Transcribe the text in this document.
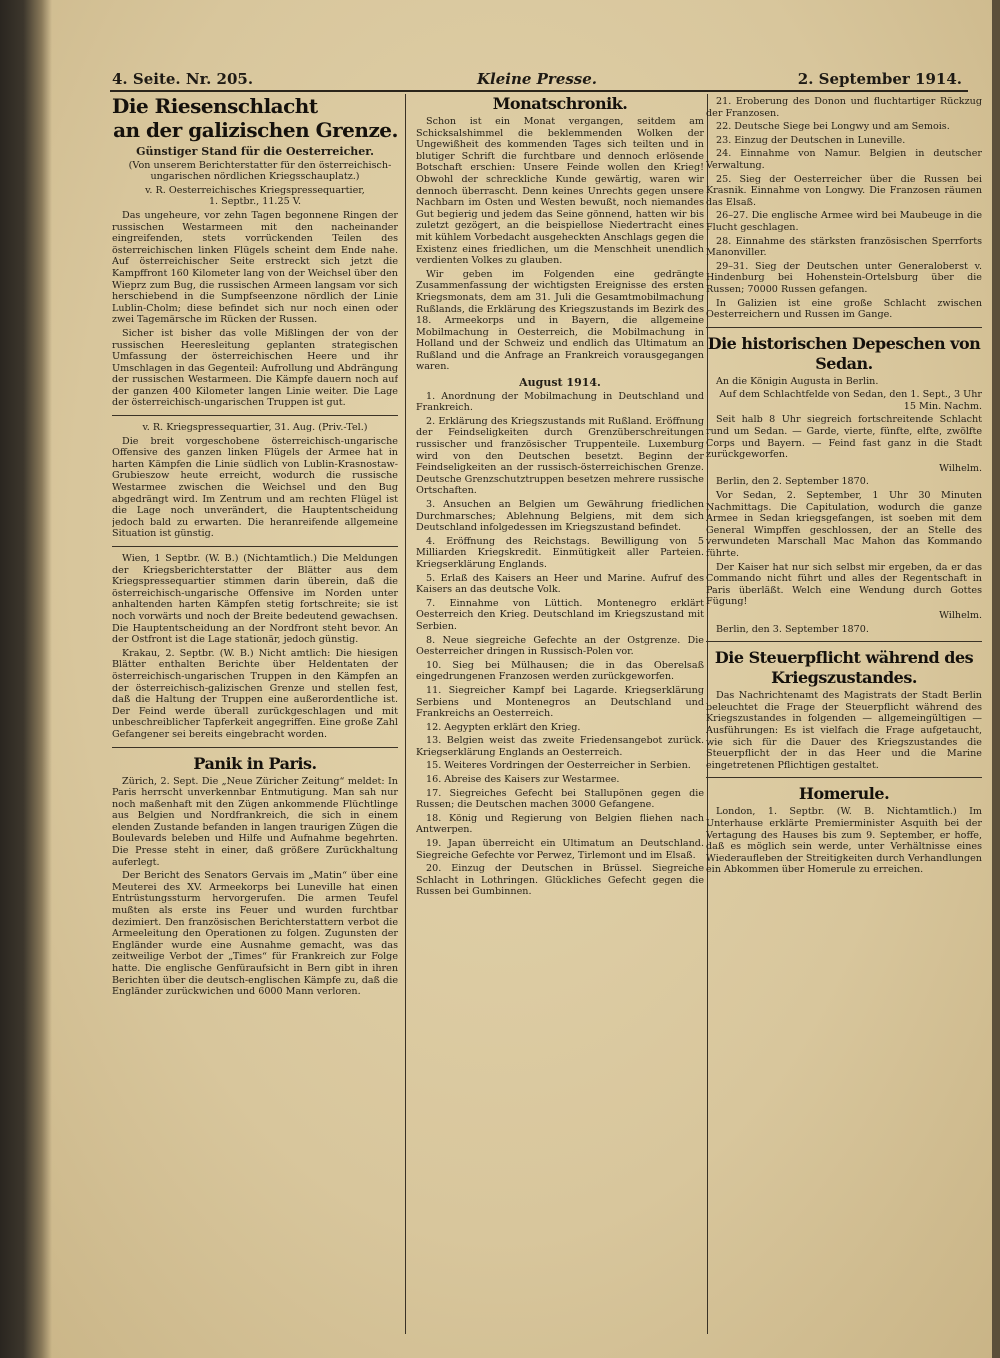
4. Seite. Nr. 205.	Kleine Presse.	2. September 1914.
Die Riesenschlacht
an der galizischen Grenze.
Günstiger Stand für die Oesterreicher.

(Von unserem Berichterstatter für den österreichisch-ungarischen nördlichen Kriegsschauplatz.)

v. R. Oesterreichisches Kriegspressequartier,
1. Septbr., 11.25 V.

Das ungeheure, vor zehn Tagen begonnene Ringen der russischen Westarmeen mit den nacheinander eingreifenden, stets vorrückenden Teilen des österreichischen linken Flügels scheint dem Ende nahe. Auf österreichischer Seite erstreckt sich jetzt die Kampffront 160 Kilometer lang von der Weichsel über den Wieprz zum Bug, die russischen Armeen langsam vor sich herschiebend in die Sumpfseenzone nördlich der Linie Lublin-Cholm; diese befindet sich nur noch einen oder zwei Tagemärsche im Rücken der Russen.

Sicher ist bisher das volle Mißlingen der von der russischen Heeresleitung geplanten strategischen Umfassung der österreichischen Heere und ihr Umschlagen in das Gegenteil: Aufrollung und Abdrängung der russischen Westarmeen. Die Kämpfe dauern noch auf der ganzen 400 Kilometer langen Linie weiter. Die Lage der österreichisch-ungarischen Truppen ist gut.

v. R. Kriegspressequartier, 31. Aug. (Priv.-Tel.)

Die breit vorgeschobene österreichisch-ungarische Offensive des ganzen linken Flügels der Armee hat in harten Kämpfen die Linie südlich von Lublin-Krasnostaw-Grubieszow heute erreicht, wodurch die russische Westarmee zwischen die Weichsel und den Bug abgedrängt wird. Im Zentrum und am rechten Flügel ist die Lage noch unverändert, die Hauptentscheidung jedoch bald zu erwarten. Die heranreifende allgemeine Situation ist günstig.

Wien, 1 Septbr. (W. B.) (Nichtamtlich.) Die Meldungen der Kriegsberichterstatter der Blätter aus dem Kriegspressequartier stimmen darin überein, daß die österreichisch-ungarische Offensive im Norden unter anhaltenden harten Kämpfen stetig fortschreite; sie ist noch vorwärts und noch der Breite bedeutend gewachsen. Die Hauptentscheidung an der Nordfront steht bevor. An der Ostfront ist die Lage stationär, jedoch günstig.

Krakau, 2. Septbr. (W. B.) Nicht amtlich: Die hiesigen Blätter enthalten Berichte über Heldentaten der österreichisch-ungarischen Truppen in den Kämpfen an der österreichisch-galizischen Grenze und stellen fest, daß die Haltung der Truppen eine außerordentliche ist. Der Feind werde überall zurückgeschlagen und mit unbeschreiblicher Tapferkeit angegriffen. Eine große Zahl Gefangener sei bereits eingebracht worden.

Panik in Paris.

Zürich, 2. Sept. Die „Neue Züricher Zeitung“ meldet: In Paris herrscht unverkennbar Entmutigung. Man sah nur noch maßenhaft mit den Zügen ankommende Flüchtlinge aus Belgien und Nordfrankreich, die sich in einem elenden Zustande befanden in langen traurigen Zügen die Boulevards beleben und Hilfe und Aufnahme begehrten. Die Presse steht in einer, daß größere Zurückhaltung auferlegt.

Der Bericht des Senators Gervais im „Matin“ über eine Meuterei des XV. Armeekorps bei Luneville hat einen Entrüstungssturm hervorgerufen. Die armen Teufel mußten als erste ins Feuer und wurden furchtbar dezimiert. Den französischen Berichterstattern verbot die Armeeleitung den Operationen zu folgen. Zugunsten der Engländer wurde eine Ausnahme gemacht, was das zeitweilige Verbot der „Times“ für Frankreich zur Folge hatte. Die englische Genfüraufsicht in Bern gibt in ihren Berichten über die deutsch-englischen Kämpfe zu, daß die Engländer zurückwichen und 6000 Mann verloren.

Monatschronik.

Schon ist ein Monat vergangen, seitdem am Schicksalshimmel die beklemmenden Wolken der Ungewißheit des kommenden Tages sich teilten und in blutiger Schrift die furchtbare und dennoch erlösende Botschaft erschien: Unsere Feinde wollen den Krieg! Obwohl der schreckliche Kunde gewärtig, waren wir dennoch überrascht. Denn keines Unrechts gegen unsere Nachbarn im Osten und Westen bewußt, noch niemandes Gut begierig und jedem das Seine gönnend, hatten wir bis zuletzt gezögert, an die beispiellose Niedertracht eines mit kühlem Vorbedacht ausgeheckten Anschlags gegen die Existenz eines friedlichen, um die Menschheit unendlich verdienten Volkes zu glauben.

Wir geben im Folgenden eine gedrängte Zusammenfassung der wichtigsten Ereignisse des ersten Kriegsmonats, dem am 31. Juli die Gesamtmobilmachung Rußlands, die Erklärung des Kriegszustands im Bezirk des 18. Armeekorps und in Bayern, die allgemeine Mobilmachung in Oesterreich, die Mobilmachung in Holland und der Schweiz und endlich das Ultimatum an Rußland und die Anfrage an Frankreich vorausgegangen waren.

August 1914.

1. Anordnung der Mobilmachung in Deutschland und Frankreich.

2. Erklärung des Kriegszustands mit Rußland. Eröffnung der Feindseligkeiten durch Grenzüberschreitungen russischer und französischer Truppenteile. Luxemburg wird von den Deutschen besetzt. Beginn der Feindseligkeiten an der russisch-österreichischen Grenze. Deutsche Grenzschutztruppen besetzen mehrere russische Ortschaften.

3. Ansuchen an Belgien um Gewährung friedlichen Durchmarsches; Ablehnung Belgiens, mit dem sich Deutschland infolgedessen im Kriegszustand befindet.

4. Eröffnung des Reichstags. Bewilligung von 5 Milliarden Kriegskredit. Einmütigkeit aller Parteien. Kriegserklärung Englands.

5. Erlaß des Kaisers an Heer und Marine. Aufruf des Kaisers an das deutsche Volk.

7. Einnahme von Lüttich. Montenegro erklärt Oesterreich den Krieg. Deutschland im Kriegszustand mit Serbien.

8. Neue siegreiche Gefechte an der Ostgrenze. Die Oesterreicher dringen in Russisch-Polen vor.

10. Sieg bei Mülhausen; die in das Oberelsaß eingedrungenen Franzosen werden zurückgeworfen.

11. Siegreicher Kampf bei Lagarde. Kriegserklärung Serbiens und Montenegros an Deutschland und Frankreichs an Oesterreich.

12. Aegypten erklärt den Krieg.

13. Belgien weist das zweite Friedensangebot zurück. Kriegserklärung Englands an Oesterreich.

15. Weiteres Vordringen der Oesterreicher in Serbien.

16. Abreise des Kaisers zur Westarmee.

17. Siegreiches Gefecht bei Stallupönen gegen die Russen; die Deutschen machen 3000 Gefangene.

18. König und Regierung von Belgien fliehen nach Antwerpen.

19. Japan überreicht ein Ultimatum an Deutschland. Siegreiche Gefechte vor Perwez, Tirlemont und im Elsaß.

20. Einzug der Deutschen in Brüssel. Siegreiche Schlacht in Lothringen. Glückliches Gefecht gegen die Russen bei Gumbinnen.

21. Eroberung des Donon und fluchtartiger Rückzug der Franzosen.

22. Deutsche Siege bei Longwy und am Semois.

23. Einzug der Deutschen in Luneville.

24. Einnahme von Namur. Belgien in deutscher Verwaltung.

25. Sieg der Oesterreicher über die Russen bei Krasnik. Einnahme von Longwy. Die Franzosen räumen das Elsaß.

26–27. Die englische Armee wird bei Maubeuge in die Flucht geschlagen.

28. Einnahme des stärksten französischen Sperrforts Manonviller.

29–31. Sieg der Deutschen unter Generaloberst v. Hindenburg bei Hohenstein-Ortelsburg über die Russen; 70000 Russen gefangen.

In Galizien ist eine große Schlacht zwischen Oesterreichern und Russen im Gange.

Die historischen Depeschen von Sedan.

An die Königin Augusta in Berlin.

Auf dem Schlachtfelde von Sedan, den 1. Sept., 3 Uhr 15 Min. Nachm.

Seit halb 8 Uhr siegreich fortschreitende Schlacht rund um Sedan. — Garde, vierte, fünfte, elfte, zwölfte Corps und Bayern. — Feind fast ganz in die Stadt zurückgeworfen.

Wilhelm.

Berlin, den 2. September 1870.

Vor Sedan, 2. September, 1 Uhr 30 Minuten Nachmittags. Die Capitulation, wodurch die ganze Armee in Sedan kriegsgefangen, ist soeben mit dem General Wimpffen geschlossen, der an Stelle des verwundeten Marschall Mac Mahon das Kommando führte.

Der Kaiser hat nur sich selbst mir ergeben, da er das Commando nicht führt und alles der Regentschaft in Paris überläßt. Welch eine Wendung durch Gottes Fügung!

Wilhelm.

Berlin, den 3. September 1870.

Die Steuerpflicht während des Kriegszustandes.

Das Nachrichtenamt des Magistrats der Stadt Berlin beleuchtet die Frage der Steuerpflicht während des Kriegszustandes in folgenden — allgemeingültigen — Ausführungen: Es ist vielfach die Frage aufgetaucht, wie sich für die Dauer des Kriegszustandes die Steuerpflicht der in das Heer und die Marine eingetretenen Pflichtigen gestaltet.

Homerule.

London, 1. Septbr. (W. B. Nichtamtlich.) Im Unterhause erklärte Premierminister Asquith bei der Vertagung des Hauses bis zum 9. September, er hoffe, daß es möglich sein werde, unter Verhältnisse eines Wiederaufleben der Streitigkeiten durch Verhandlungen ein Abkommen über Homerule zu erreichen.
